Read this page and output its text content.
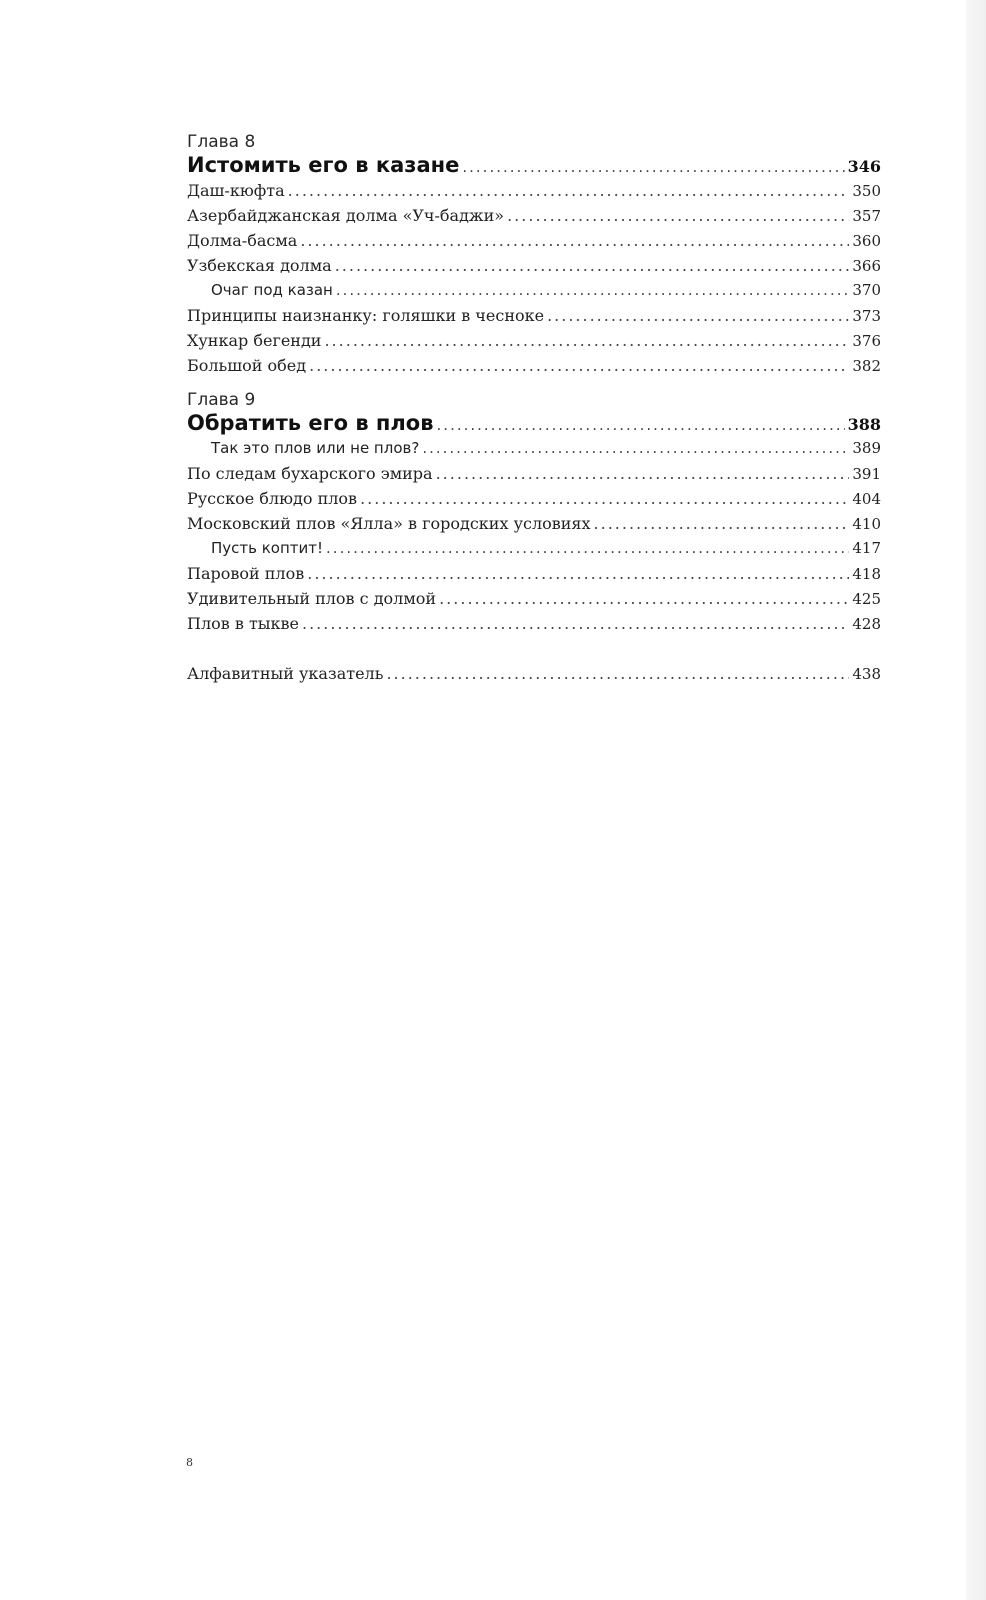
Глава 8
Истомить его в казане .....	346
Даш-кюфта .....	350
Азербайджанская долма «Уч-баджи» .....	357
Долма-басма .....	360
Узбекская долма .....	366
Очаг под казан .....	370
Принципы наизнанку: голяшки в чесноке .....	373
Хункар бегенди .....	376
Большой обед .....	382
Глава 9
Обратить его в плов .....	388
Так это плов или не плов? .....	389
По следам бухарского эмира .....	391
Русское блюдо плов .....	404
Московский плов «Ялла» в городских условиях .....	410
Пусть коптит! .....	417
Паровой плов .....	418
Удивительный плов с долмой .....	425
Плов в тыкве .....	428
Алфавитный указатель .....	438
8
